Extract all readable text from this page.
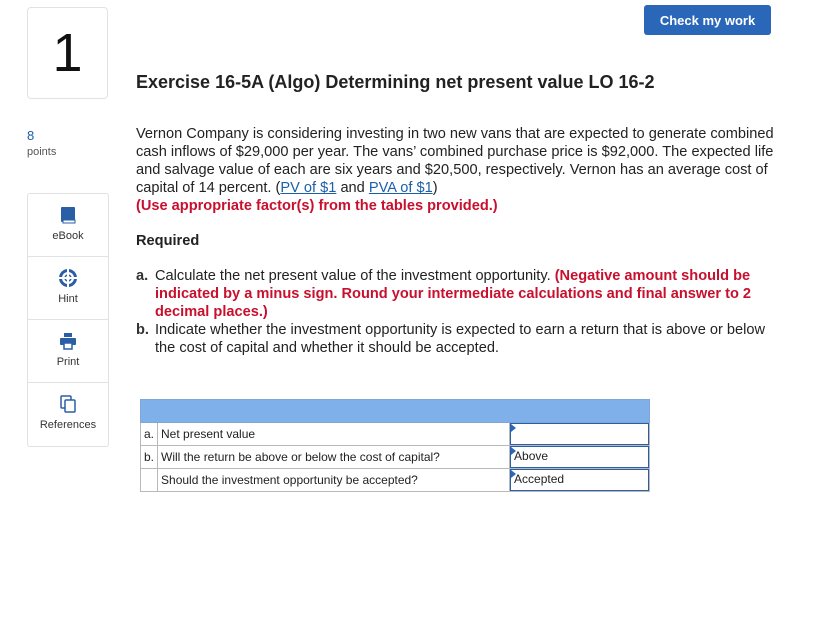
1
8
points
eBook
Hint
Print
References
Check my work
Exercise 16-5A (Algo) Determining net present value LO 16-2
Vernon Company is considering investing in two new vans that are expected to generate combined cash inflows of $29,000 per year. The vans’ combined purchase price is $92,000. The expected life and salvage value of each are six years and $20,500, respectively. Vernon has an average cost of capital of 14 percent. (PV of $1 and PVA of $1)
(Use appropriate factor(s) from the tables provided.)
Required
a. Calculate the net present value of the investment opportunity. (Negative amount should be indicated by a minus sign. Round your intermediate calculations and final answer to 2 decimal places.)
b. Indicate whether the investment opportunity is expected to earn a return that is above or below the cost of capital and whether it should be accepted.

a.	Net present value	

b.	Will the return be above or below the cost of capital?	Above

	Should the investment opportunity be accepted?	Accepted
